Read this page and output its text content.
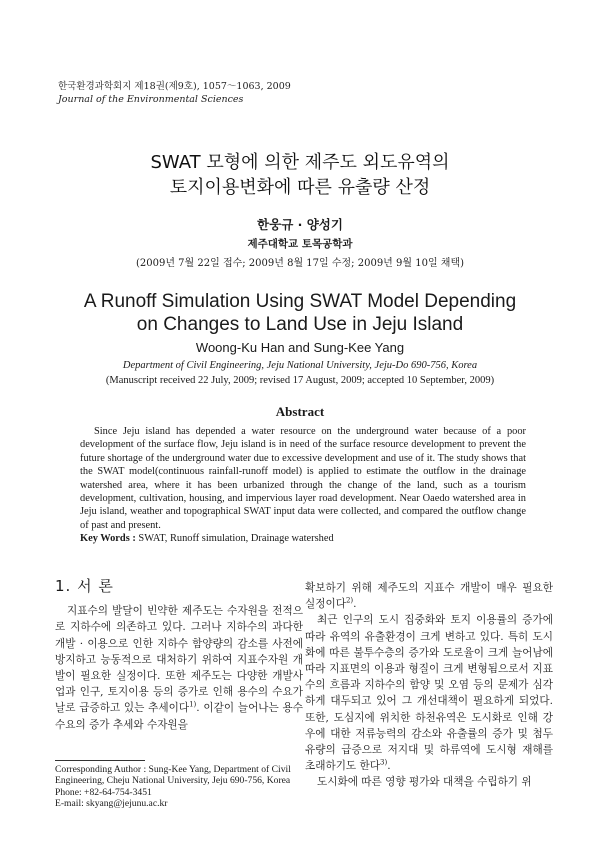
한국환경과학회지 제18권(제9호), 1057～1063, 2009
Journal of the Environmental Sciences
SWAT 모형에 의한 제주도 외도유역의
토지이용변화에 따른 유출량 산정
한웅규 · 양성기
제주대학교 토목공학과
(2009년 7월 22일 접수; 2009년 8월 17일 수정; 2009년 9월 10일 채택)
A Runoff Simulation Using SWAT Model Depending
on Changes to Land Use in Jeju Island
Woong-Ku Han and Sung-Kee Yang
Department of Civil Engineering, Jeju National University, Jeju-Do 690-756, Korea
(Manuscript received 22 July, 2009; revised 17 August, 2009; accepted 10 September, 2009)
Abstract
Since Jeju island has depended a water resource on the underground water because of a poor development of the surface flow, Jeju island is in need of the surface resource development to prevent the future shortage of the underground water due to excessive development and use of it. The study shows that the SWAT model(continuous rainfall-runoff model) is applied to estimate the outflow in the drainage watershed area, where it has been urbanized through the change of the land, such as a tourism development, cultivation, housing, and impervious layer road development. Near Oaedo watershed area in Jeju island, weather and topographical SWAT input data were collected, and compared the outflow change of past and present.
Key Words : SWAT, Runoff simulation, Drainage watershed
1. 서 론

지표수의 발달이 빈약한 제주도는 수자원을 전적으로 지하수에 의존하고 있다. 그러나 지하수의 과다한 개발 · 이용으로 인한 지하수 함양량의 감소를 사전에 방지하고 능동적으로 대처하기 위하여 지표수자원 개발이 필요한 실정이다. 또한 제주도는 다양한 개발사업과 인구, 토지이용 등의 증가로 인해 용수의 수요가 날로 급증하고 있는 추세이다$^{1)}$. 이같이 늘어나는 용수수요의 증가 추세와 수자원을

확보하기 위해 제주도의 지표수 개발이 매우 필요한 실정이다$^{2)}$.

최근 인구의 도시 집중화와 토지 이용률의 증가에 따라 유역의 유출환경이 크게 변하고 있다. 특히 도시화에 따른 불투수층의 증가와 도로율이 크게 늘어남에 따라 지표면의 이용과 형질이 크게 변형됨으로서 지표수의 흐름과 지하수의 함양 및 오염 등의 문제가 심각하게 대두되고 있어 그 개선대책이 필요하게 되었다. 또한, 도심지에 위치한 하천유역은 도시화로 인해 강우에 대한 저류능력의 감소와 유출률의 증가 및 첨두유량의 급증으로 저지대 및 하류역에 도시형 재해를 초래하기도 한다$^{3)}$.

도시화에 따른 영향 평가와 대책을 수립하기 위

Corresponding Author : Sung-Kee Yang, Department of Civil
Engineering, Cheju National University, Jeju 690-756, Korea
Phone: +82-64-754-3451
E-mail: skyang@jejunu.ac.kr
